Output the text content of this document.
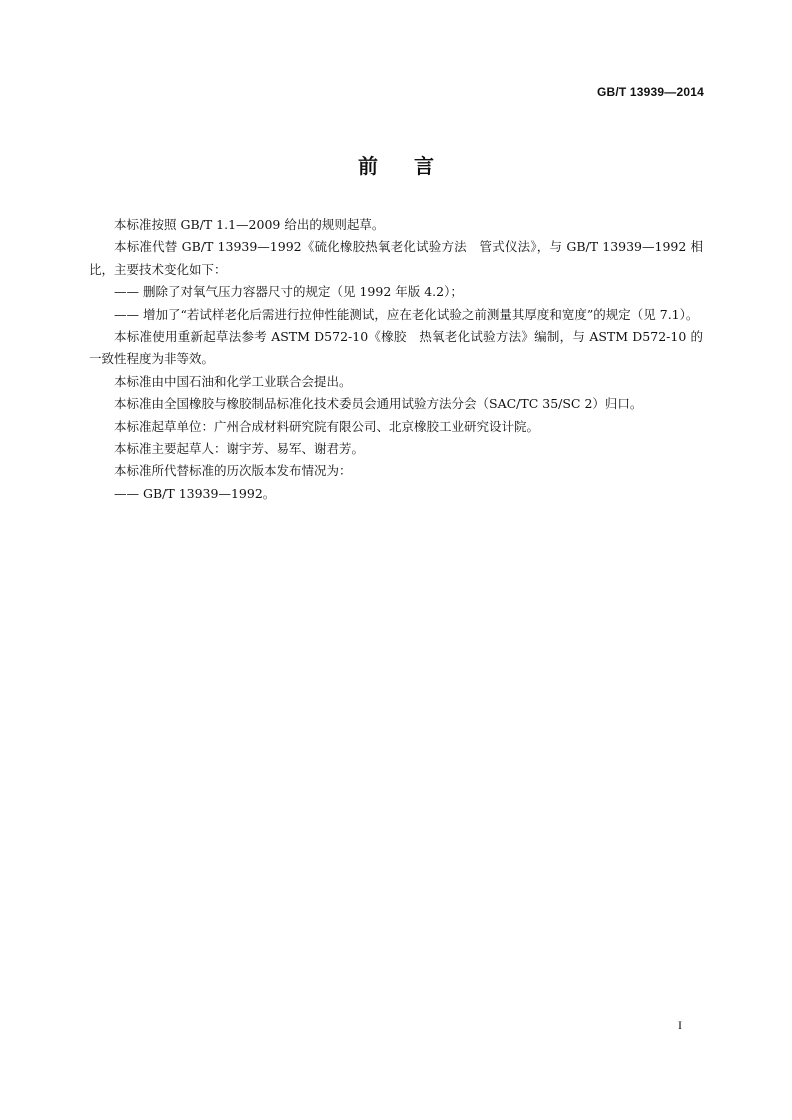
GB/T 13939—2014
前言

本标准按照 GB/T 1.1—2009 给出的规则起草。

本标准代替 GB/T 13939—1992《硫化橡胶热氧老化试验方法　管式仪法》，与 GB/T 13939—1992 相比，主要技术变化如下：

—— 删除了对氧气压力容器尺寸的规定（见 1992 年版 4.2）；

—— 增加了“若试样老化后需进行拉伸性能测试，应在老化试验之前测量其厚度和宽度”的规定（见 7.1）。

本标准使用重新起草法参考 ASTM D572-10《橡胶　热氧老化试验方法》编制，与 ASTM D572-10 的一致性程度为非等效。

本标准由中国石油和化学工业联合会提出。

本标准由全国橡胶与橡胶制品标准化技术委员会通用试验方法分会（SAC/TC 35/SC 2）归口。

本标准起草单位：广州合成材料研究院有限公司、北京橡胶工业研究设计院。

本标准主要起草人：谢宇芳、易军、谢君芳。

本标准所代替标准的历次版本发布情况为：

—— GB/T 13939—1992。

I
